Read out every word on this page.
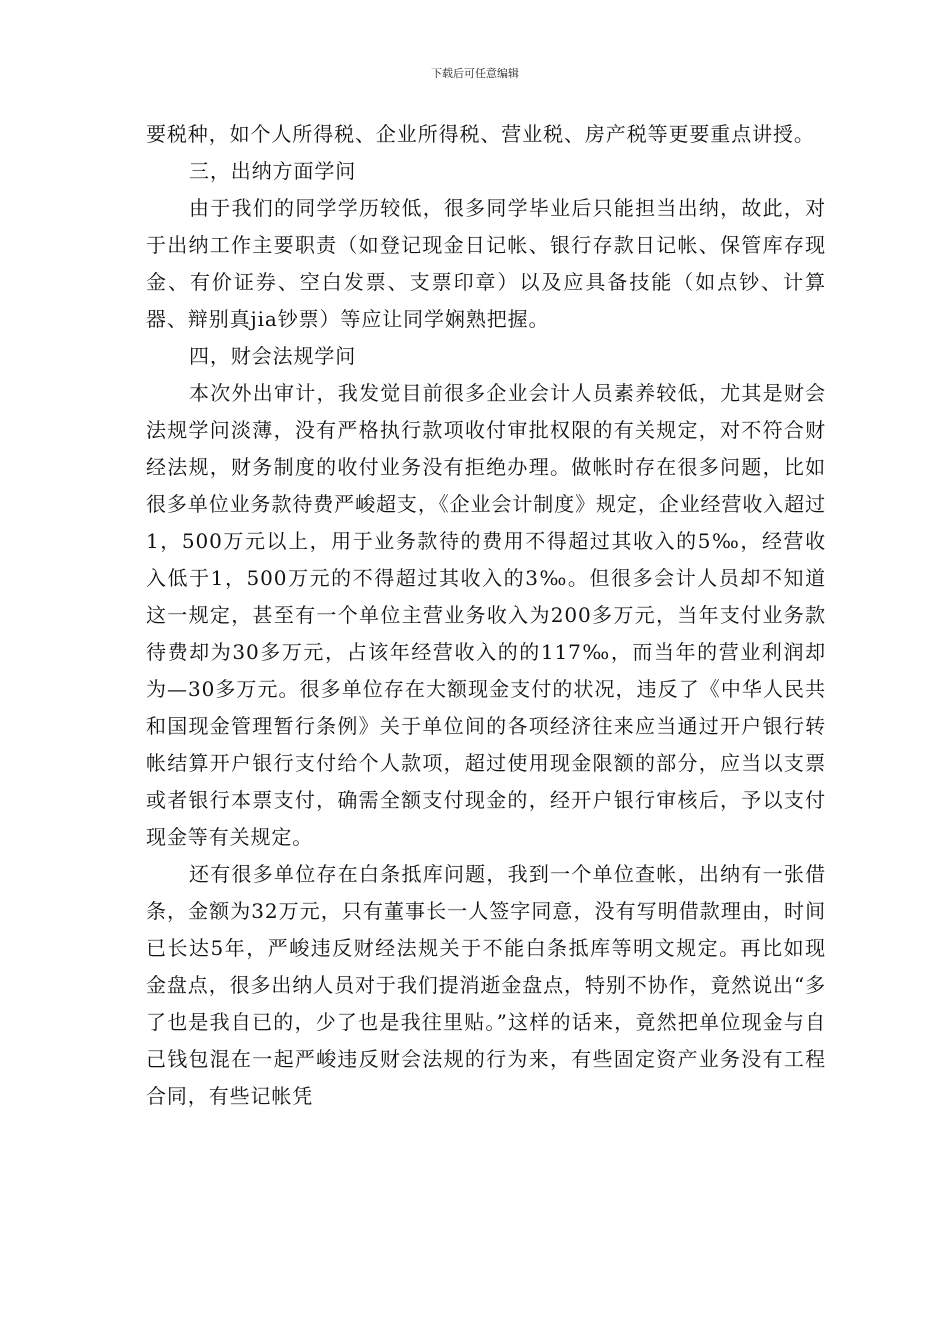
下载后可任意编辑

要税种，如个人所得税、企业所得税、营业税、房产税等更要重点讲授。

三，出纳方面学问

由于我们的同学学历较低，很多同学毕业后只能担当出纳，故此，对于出纳工作主要职责（如登记现金日记帐、银行存款日记帐、保管库存现金、有价证券、空白发票、支票印章）以及应具备技能（如点钞、计算器、辩别真jia钞票）等应让同学娴熟把握。

四，财会法规学问

本次外出审计，我发觉目前很多企业会计人员素养较低，尤其是财会法规学问淡薄，没有严格执行款项收付审批权限的有关规定，对不符合财经法规，财务制度的收付业务没有拒绝办理。做帐时存在很多问题，比如很多单位业务款待费严峻超支，《企业会计制度》规定，企业经营收入超过1，500万元以上，用于业务款待的费用不得超过其收入的5‰，经营收入低于1，500万元的不得超过其收入的3‰。但很多会计人员却不知道这一规定，甚至有一个单位主营业务收入为200多万元，当年支付业务款待费却为30多万元，占该年经营收入的的117‰，而当年的营业利润却为—30多万元。很多单位存在大额现金支付的状况，违反了《中华人民共和国现金管理暂行条例》关于单位间的各项经济往来应当通过开户银行转帐结算开户银行支付给个人款项，超过使用现金限额的部分，应当以支票或者银行本票支付，确需全额支付现金的，经开户银行审核后，予以支付现金等有关规定。

还有很多单位存在白条抵库问题，我到一个单位查帐，出纳有一张借条，金额为32万元，只有董事长一人签字同意，没有写明借款理由，时间已长达5年，严峻违反财经法规关于不能白条抵库等明文规定。再比如现金盘点，很多出纳人员对于我们提消逝金盘点，特别不协作，竟然说出“多了也是我自已的，少了也是我往里贴。”这样的话来，竟然把单位现金与自己钱包混在一起严峻违反财会法规的行为来，有些固定资产业务没有工程合同，有些记帐凭
